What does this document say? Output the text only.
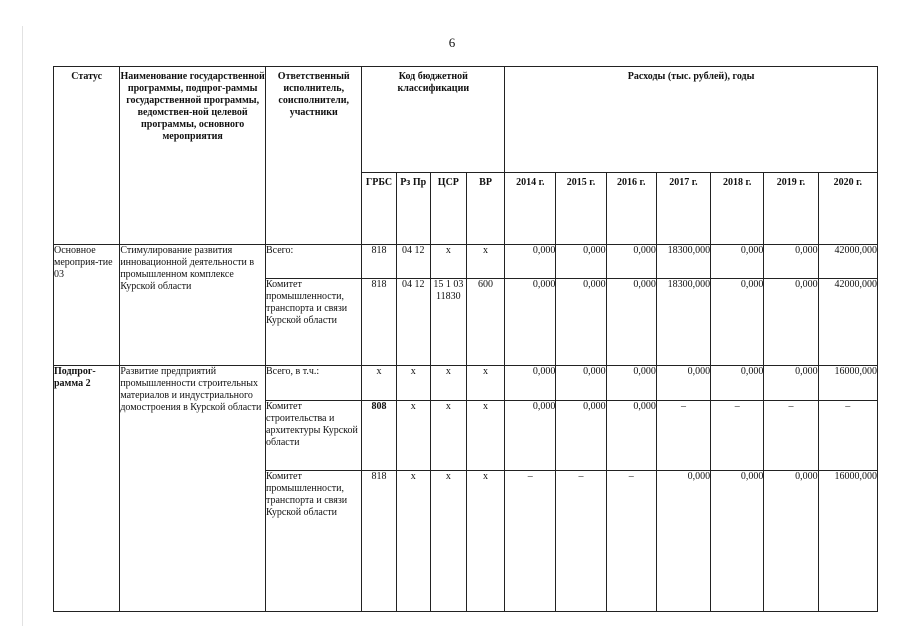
6
Статус	Наименование государственной программы, подпрог-раммы государственной программы, ведомствен-ной целевой программы, основного мероприятия	Ответственный исполнитель, соисполнители, участники	Код бюджетной классификации				Расходы (тыс. рублей), годы						
			ГРБС	Рз Пр	ЦСР	ВР	2014 г.	2015 г.	2016 г.	2017 г.	2018 г.	2019 г.	2020 г.
Основное мероприя-тие 03	Стимулирование развития инновационной деятельности в промышленном комплексе Курской области	Всего:	818	04 12	х	х	0,000	0,000	0,000	18300,000	0,000	0,000	42000,000
		Комитет промышленности, транспорта и связи Курской области	818	04 12	15 1 03 11830	600	0,000	0,000	0,000	18300,000	0,000	0,000	42000,000
Подпрог-рамма 2	Развитие предприятий промышленности строительных материалов и индустриального домостроения в Курской области	Всего, в т.ч.:	х	х	х	х	0,000	0,000	0,000	0,000	0,000	0,000	16000,000
		Комитет строительства и архитектуры Курской области	808	х	х	х	0,000	0,000	0,000	–	–	–	–
		Комитет промышленности, транспорта и связи Курской области	818	х	х	х	–	–	–	0,000	0,000	0,000	16000,000
